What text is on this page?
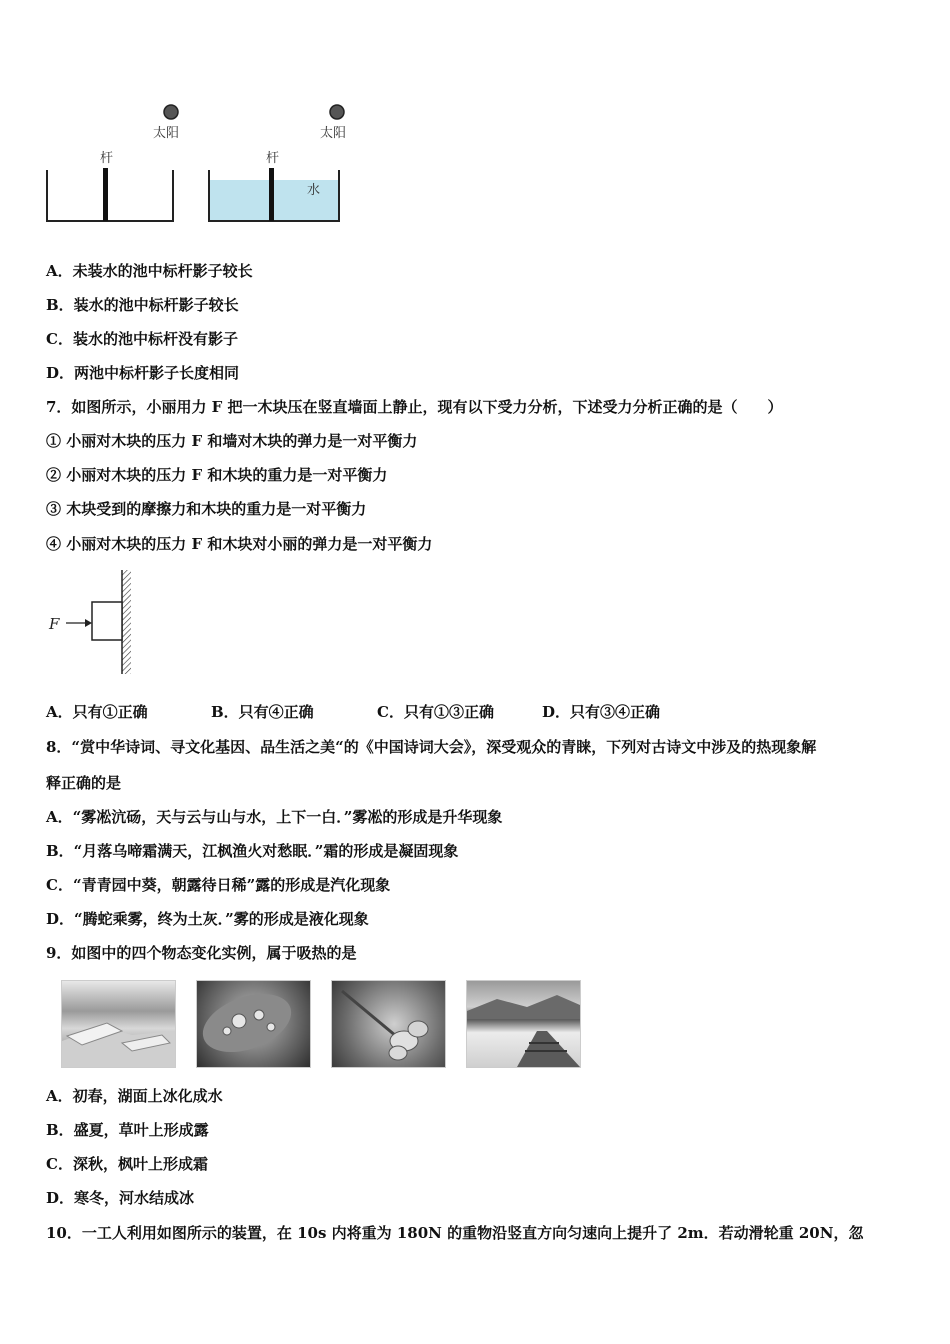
太阳	太阳
杆	杆
水
A．未装水的池中标杆影子较长
B．装水的池中标杆影子较长
C．装水的池中标杆没有影子
D．两池中标杆影子长度相同
7．如图所示，小丽用力 F 把一木块压在竖直墙面上静止，现有以下受力分析，下述受力分析正确的是（　　）
① 小丽对木块的压力 F 和墙对木块的弹力是一对平衡力
② 小丽对木块的压力 F 和木块的重力是一对平衡力
③ 木块受到的摩擦力和木块的重力是一对平衡力
④ 小丽对木块的压力 F 和木块对小丽的弹力是一对平衡力
F
A．只有①正确	B．只有④正确	C．只有①③正确	D．只有③④正确
8．“赏中华诗词、寻文化基因、品生活之美“的《中国诗词大会》，深受观众的青睐，下列对古诗文中涉及的热现象解
释正确的是
A．“雾凇沆砀，天与云与山与水，上下一白．”雾凇的形成是升华现象
B．“月落乌啼霜满天，江枫渔火对愁眠．”霜的形成是凝固现象
C．“青青园中葵，朝露待日稀”露的形成是汽化现象
D．“腾蛇乘雾，终为土灰．”雾的形成是液化现象
9．如图中的四个物态变化实例，属于吸热的是
A．初春，湖面上冰化成水
B．盛夏，草叶上形成露
C．深秋，枫叶上形成霜
D．寒冬，河水结成冰
10．一工人利用如图所示的装置，在 10s 内将重为 180N 的重物沿竖直方向匀速向上提升了 2m．若动滑轮重 20N，忽
